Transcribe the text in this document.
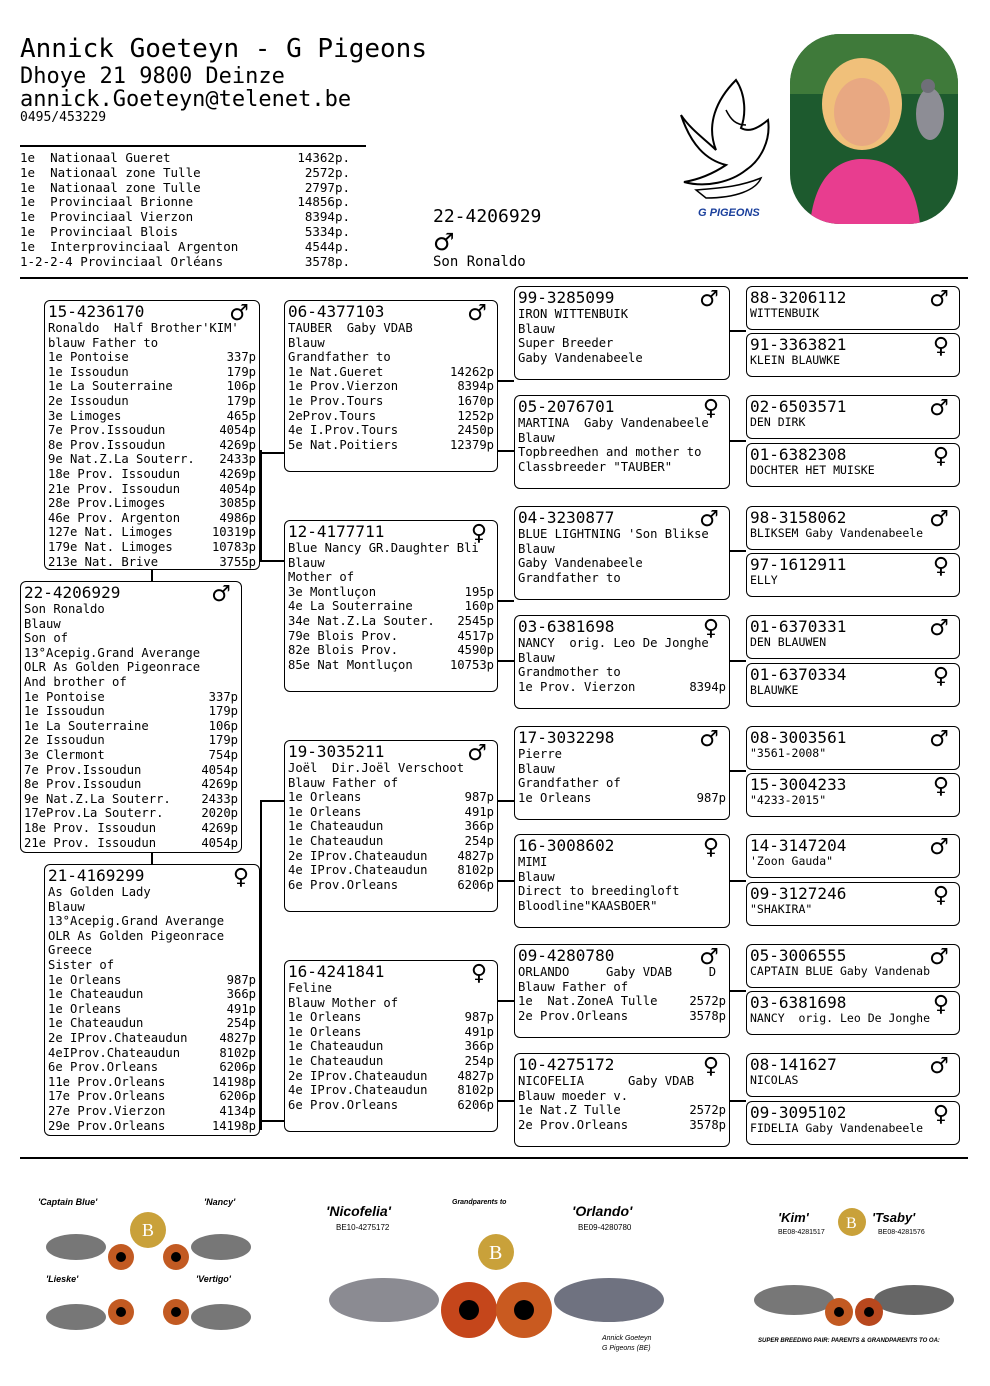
Annick Goeteyn - G Pigeons
Dhoye 21 9800 Deinze
annick.Goeteyn@telenet.be
0495/453229
1e  Nationaal Gueret	14362p.
1e  Nationaal zone Tulle	2572p.
1e  Nationaal zone Tulle	2797p.
1e  Provinciaal Brionne	14856p.
1e  Provinciaal Vierzon	8394p.
1e  Provinciaal Blois	5334p.
1e  Interprovinciaal Argenton	4544p.
1-2-2-4 Provinciaal Orléans	3578p.
22-4206929
♂
Son Ronaldo
G PIGEONS
15-4236170	♂
Ronaldo  Half Brother'KIM'
blauw Father to
1e Pontoise	337p
1e Issoudun	179p
1e La Souterraine	106p
2e Issoudun	179p
3e Limoges	465p
7e Prov.Issoudun	4054p
8e Prov.Issoudun	4269p
9e Nat.Z.La Souterr. 2433p
18e Prov. Issoudun	4269p
21e Prov. Issoudun	4054p
28e Prov.Limoges	3085p
46e Prov. Argenton	4986p
127e Nat. Limoges	10319p
179e Nat. Limoges	10783p
213e Nat. Brive	3755p
22-4206929	♂
Son Ronaldo
Blauw
Son of
13°Acepig.Grand Averange
OLR As Golden Pigeonrace
And brother of
1e Pontoise	337p
1e Issoudun	179p
1e La Souterraine	106p
2e Issoudun	179p
3e Clermont	754p
7e Prov.Issoudun	4054p
8e Prov.Issoudun	4269p
9e Nat.Z.La Souterr.	2433p
17eProv.La Souterr.	2020p
18e Prov. Issoudun	4269p
21e Prov. Issoudun	4054p
21-4169299	♀
As Golden Lady
Blauw
13°Acepig.Grand Averange
OLR As Golden Pigeonrace
Greece
Sister of
1e Orleans	987p
1e Chateaudun	366p
1e Orleans	491p
1e Chateaudun	254p
2e IProv.Chateaudun	4827p
4eIProv.Chateaudun	8102p
6e Prov.Orleans	6206p
11e Prov.Orleans	14198p
17e Prov.Orleans	6206p
27e Prov.Vierzon	4134p
29e Prov.Orleans	14198p
06-4377103	♂
TAUBER  Gaby VDAB
Blauw
Grandfather to
1e Nat.Gueret	14262p
1e Prov.Vierzon	8394p
1e Prov.Tours	1670p
2eProv.Tours	1252p
4e I.Prov.Tours	2450p
5e Nat.Poitiers	12379p
12-4177711	♀
Blue Nancy GR.Daughter Bli
Blauw
Mother of
3e Montluçon	195p
4e La Souterraine	160p
34e Nat.Z.La Souter. 2545p
79e Blois Prov.	4517p
82e Blois Prov.	4590p
85e Nat Montluçon	10753p
19-3035211	♂
Joël  Dir.Joël Verschoot
Blauw Father of
1e Orleans	987p
1e Orleans	491p
1e Chateaudun	366p
1e Chateaudun	254p
2e IProv.Chateaudun 4827p
4e IProv.Chateaudun 8102p
6e Prov.Orleans	6206p
16-4241841	♀
Feline
Blauw Mother of
1e Orleans	987p
1e Orleans	491p
1e Chateaudun	366p
1e Chateaudun	254p
2e IProv.Chateaudun 4827p
4e IProv.Chateaudun 8102p
6e Prov.Orleans	6206p
99-3285099	♂
IRON WITTENBUIK
Blauw
Super Breeder
Gaby Vandenabeele
05-2076701	♀
MARTINA  Gaby Vandenabeele
Blauw
Topbreedhen and mother to
Classbreeder "TAUBER"
04-3230877	♂
BLUE LIGHTNING 'Son Blikse
Blauw
Gaby Vandenabeele
Grandfather to
03-6381698	♀
NANCY  orig. Leo De Jonghe
Blauw
Grandmother to
1e Prov. Vierzon	8394p
17-3032298	♂
Pierre
Blauw
Grandfather of
1e Orleans	987p
16-3008602	♀
MIMI
Blauw
Direct to breedingloft
Bloodline"KAASBOER"
09-4280780	♂
ORLANDO     Gaby VDAB     D
Blauw Father of
1e  Nat.ZoneA Tulle	2572p
2e Prov.Orleans	3578p
10-4275172	♀
NICOFELIA      Gaby VDAB
Blauw moeder v.
1e Nat.Z Tulle	2572p
2e Prov.Orleans	3578p
88-3206112	♂
WITTENBUIK
91-3363821	♀
KLEIN BLAUWKE
02-6503571	♂
DEN DIRK
01-6382308	♀
DOCHTER HET MUISKE
98-3158062	♂
BLIKSEM Gaby Vandenabeele
97-1612911	♀
ELLY
01-6370331	♂
DEN BLAUWEN
01-6370334	♀
BLAUWKE
08-3003561	♂
"3561-2008"
15-3004233	♀
"4233-2015"
14-3147204	♂
'Zoon Gauda"
09-3127246	♀
"SHAKIRA"
05-3006555	♂
CAPTAIN BLUE Gaby Vandenab
03-6381698	♀
NANCY  orig. Leo De Jonghe
08-141627	♂
NICOLAS
09-3095102	♀
FIDELIA Gaby Vandenabeele
B
'Captain Blue'	'Nancy'
'Lieske'	'Vertigo'
Grandparents to
B
'Nicofelia'
BE10-4275172
'Orlando'
BE09-4280780
Annick Goeteyn
G Pigeons (BE)
B
'Kim'
BE08-4281517
'Tsaby'
BE08-4281576
SUPER BREEDING PAIR: PARENTS & GRANDPARENTS TO OA:
